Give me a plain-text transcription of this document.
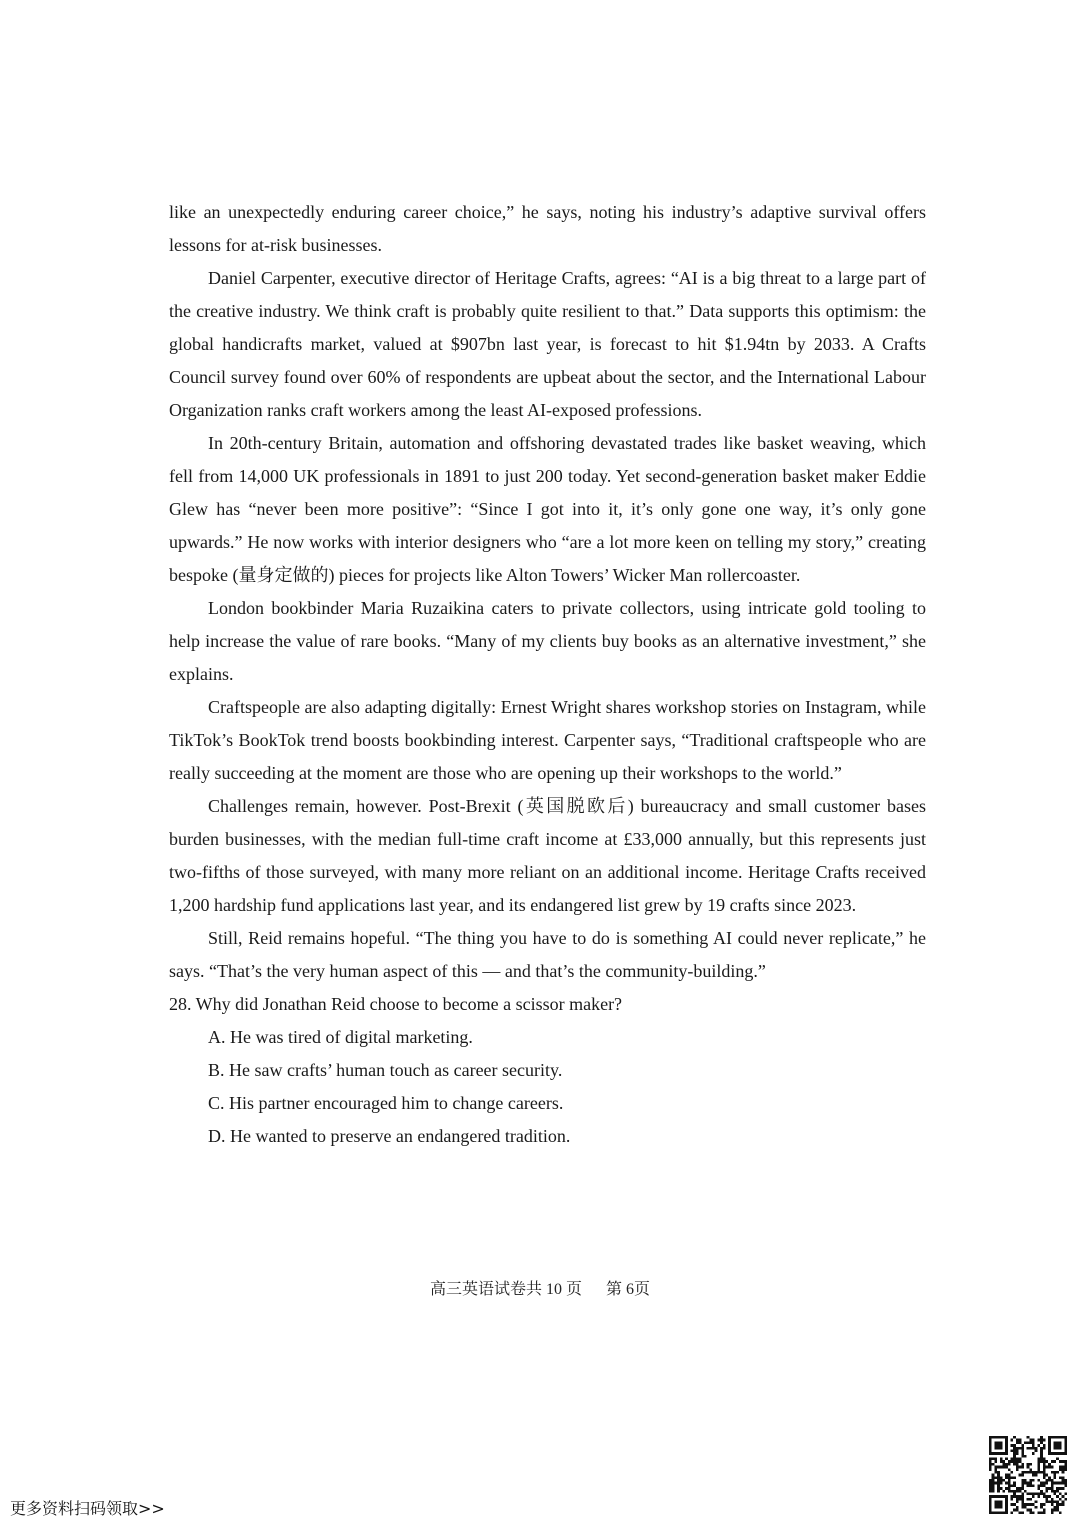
like an unexpectedly enduring career choice,” he says, noting his industry’s adaptive survival offers lessons for at-risk businesses.

Daniel Carpenter, executive director of Heritage Crafts, agrees: “AI is a big threat to a large part of the creative industry. We think craft is probably quite resilient to that.” Data supports this optimism: the global handicrafts market, valued at $907bn last year, is forecast to hit $1.94tn by 2033. A Crafts Council survey found over 60% of respondents are upbeat about the sector, and the International Labour Organization ranks craft workers among the least AI-exposed professions.

In 20th-century Britain, automation and offshoring devastated trades like basket weaving, which fell from 14,000 UK professionals in 1891 to just 200 today. Yet second-generation basket maker Eddie Glew has “never been more positive”: “Since I got into it, it’s only gone one way, it’s only gone upwards.” He now works with interior designers who “are a lot more keen on telling my story,” creating bespoke (量身定做的) pieces for projects like Alton Towers’ Wicker Man rollercoaster.

London bookbinder Maria Ruzaikina caters to private collectors, using intricate gold tooling to help increase the value of rare books. “Many of my clients buy books as an alternative investment,” she explains.

Craftspeople are also adapting digitally: Ernest Wright shares workshop stories on Instagram, while TikTok’s BookTok trend boosts bookbinding interest. Carpenter says, “Traditional craftspeople who are really succeeding at the moment are those who are opening up their workshops to the world.”

Challenges remain, however. Post-Brexit (英国脱欧后) bureaucracy and small customer bases burden businesses, with the median full-time craft income at £33,000 annually, but this represents just two-fifths of those surveyed, with many more reliant on an additional income. Heritage Crafts received 1,200 hardship fund applications last year, and its endangered list grew by 19 crafts since 2023.

Still, Reid remains hopeful. “The thing you have to do is something AI could never replicate,” he says. “That’s the very human aspect of this — and that’s the community-building.”

28. Why did Jonathan Reid choose to become a scissor maker?

A. He was tired of digital marketing.

B. He saw crafts’ human touch as career security.

C. His partner encouraged him to change careers.

D. He wanted to preserve an endangered tradition.

高三英语试卷共 10 页 第 6页
更多资料扫码领取>>
